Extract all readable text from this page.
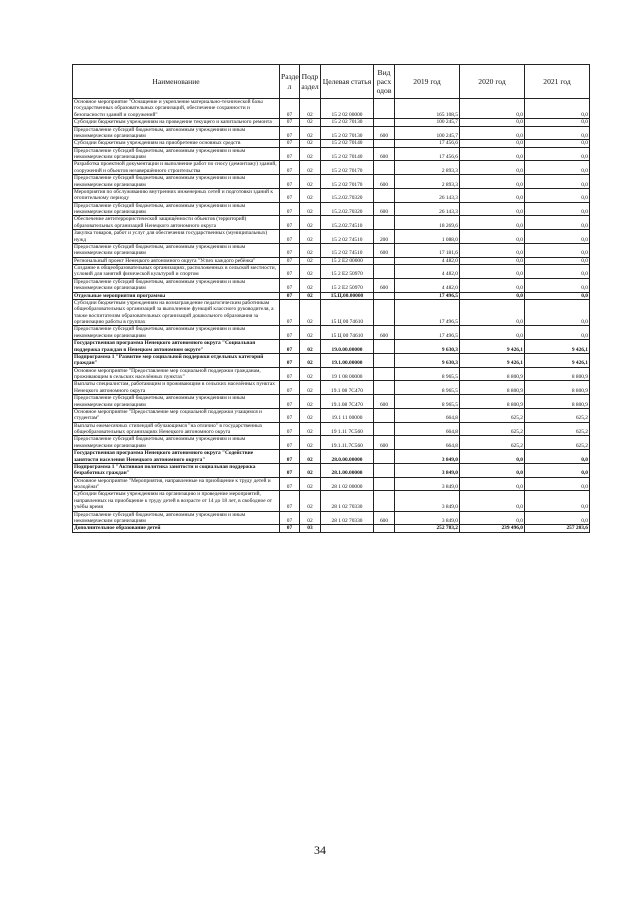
Наименование	Разде л	Подр аздел	Целевая статья	Вид расх одов	2019 год	2020 год	2021 год
Основное мероприятие "Оснащение и укрепление материально-технической базы государственных образовательных организаций, обеспечение сохранности и безопасности зданий и сооружений"	07	02	15 2 02 00000		165 108,5	0,0	0,0
Субсидии бюджетным учреждениям на проведение текущего и капитального ремонта	07	02	15 2 02 70130		100 245,7	0,0	0,0
Предоставление субсидий бюджетным, автономным учреждениям и иным некоммерческим организациям	07	02	15 2 02 70130	600	100 245,7	0,0	0,0
Субсидии бюджетным учреждениям на приобретение основных средств	07	02	15 2 02 70140		17 456,6	0,0	0,0
Предоставление субсидий бюджетным, автономным учреждениям и иным некоммерческим организациям	07	02	15 2 02 70140	600	17 456,6	0,0	0,0
Разработка проектной документации и выполнение работ по сносу (демонтажу) зданий, сооружений и объектов незавершённого строительства	07	02	15 2 02 70170		2 893,3	0,0	0,0
Предоставление субсидий бюджетным, автономным учреждениям и иным некоммерческим организациям	07	02	15 2 02 70170	600	2 893,3	0,0	0,0
Мероприятия по обслуживанию внутренних инженерных сетей и подготовки зданий к отопительному периоду	07	02	15.2.02.70320		26 143,3	0,0	0,0
Предоставление субсидий бюджетным, автономным учреждениям и иным некоммерческим организациям	07	02	15.2.02.70320	600	26 143,3	0,0	0,0
Обеспечение антитеррористической защищённости объектов (территорий) образовательных организаций Ненецкого автономного округа	07	02	15.2.02.74510		18 269,6	0,0	0,0
Закупка товаров, работ и услуг для обеспечения государственных (муниципальных) нужд	07	02	15 2 02 74510	200	1 088,0	0,0	0,0
Предоставление субсидий бюджетным, автономным учреждениям и иным некоммерческим организациям	07	02	15 2 02 74510	600	17 181,6	0,0	0,0
Региональный проект Ненецкого автономного округа "Успех каждого ребёнка"	07	02	15 2 Е2 00000		4 482,0	0,0	0,0
Создание в общеобразовательных организациях, расположенных в сельской местности, условий для занятий физической культурой и спортом	07	02	15 2 Е2 50970		4 482,0	0,0	0,0
Предоставление субсидий бюджетным, автономным учреждениям и иным некоммерческим организациям	07	02	15 2 Е2 50970	600	4 482,0	0,0	0,0
Отдельные мероприятия программы	07	02	15.Ц.00.00000		17 496,5	0,0	0,0
Субсидии бюджетным учреждениям на вознаграждение педагогическим работникам общеобразовательных организаций за выполнение функций классного руководителя, а также воспитателям образовательных организаций дошкольного образования за организацию работы в группах	07	02	15 Ц 00 74610		17 496,5	0,0	0,0
Предоставление субсидий бюджетным, автономным учреждениям и иным некоммерческим организациям	07	02	15 Ц 00 74610	600	17 496,5	0,0	0,0
Государственная программа Ненецкого автономного округа "Социальная поддержка граждан в Ненецком автономном округе"	07	02	19.0.00.00000		9 630,3	9 426,1	9 426,1
Подпрограмма 1 "Развитие мер социальной поддержки отдельных категорий граждан"	07	02	19.1.00.00000		9 630,3	9 426,1	9 426,1
Основное мероприятие "Предоставление мер социальной поддержки гражданам, проживающим в сельских населённых пунктах"	07	02	19 1 08 00000		8 965,5	8 800,9	8 800,9
Выплаты специалистам, работающим и проживающим в сельских населённых пунктах Ненецкого автономного округа	07	02	19.1 08 7С470		8 965,5	8 800,9	8 800,9
Предоставление субсидий бюджетным, автономным учреждениям и иным некоммерческим организациям	07	02	19.1.08 7С470	600	8 965,5	8 800,9	8 800,9
Основное мероприятие "Предоставление мер социальной поддержки учащимся и студентам"	07	02	19.1 11 00000		664,8	625,2	625,2
Выплаты ежемесячных стипендий обучающимся "на отлично" в государственных общеобразовательных организациях Ненецкого автономного округа	07	02	19 1.11 7С560		664,8	625,2	625,2
Предоставление субсидий бюджетным, автономным учреждениям и иным некоммерческим организациям	07	02	19.1.11.7С560	600	664,8	625,2	625,2
Государственная программа Ненецкого автономного округа "Содействие занятости населения Ненецкого автономного округа"	07	02	28.0.00.00000		3 849,0	0,0	0,0
Подпрограмма 1 "Активная политика занятости и социальная поддержка безработных граждан"	07	02	28.1.00.00000		3 849,0	0,0	0,0
Основное мероприятие "Мероприятия, направленные на приобщение к труду детей и молодёжи"	07	02	28 1 02 00000		3 849,0	0,0	0,0
Субсидии бюджетным учреждениям на организацию и проведение мероприятий, направленных на приобщение к труду детей в возрасте от 14 до 18 лет, в свободное от учёбы время	07	02	28 1 02 70330		3 849,0	0,0	0,0
Предоставление субсидий бюджетным, автономным учреждениям и иным некоммерческим организациям	07	02	28 1 02 70330	600	3 849,0	0,0	0,0
Дополнительное образование детей	07	03			252 783,2	239 496,0	257 203,6
34
